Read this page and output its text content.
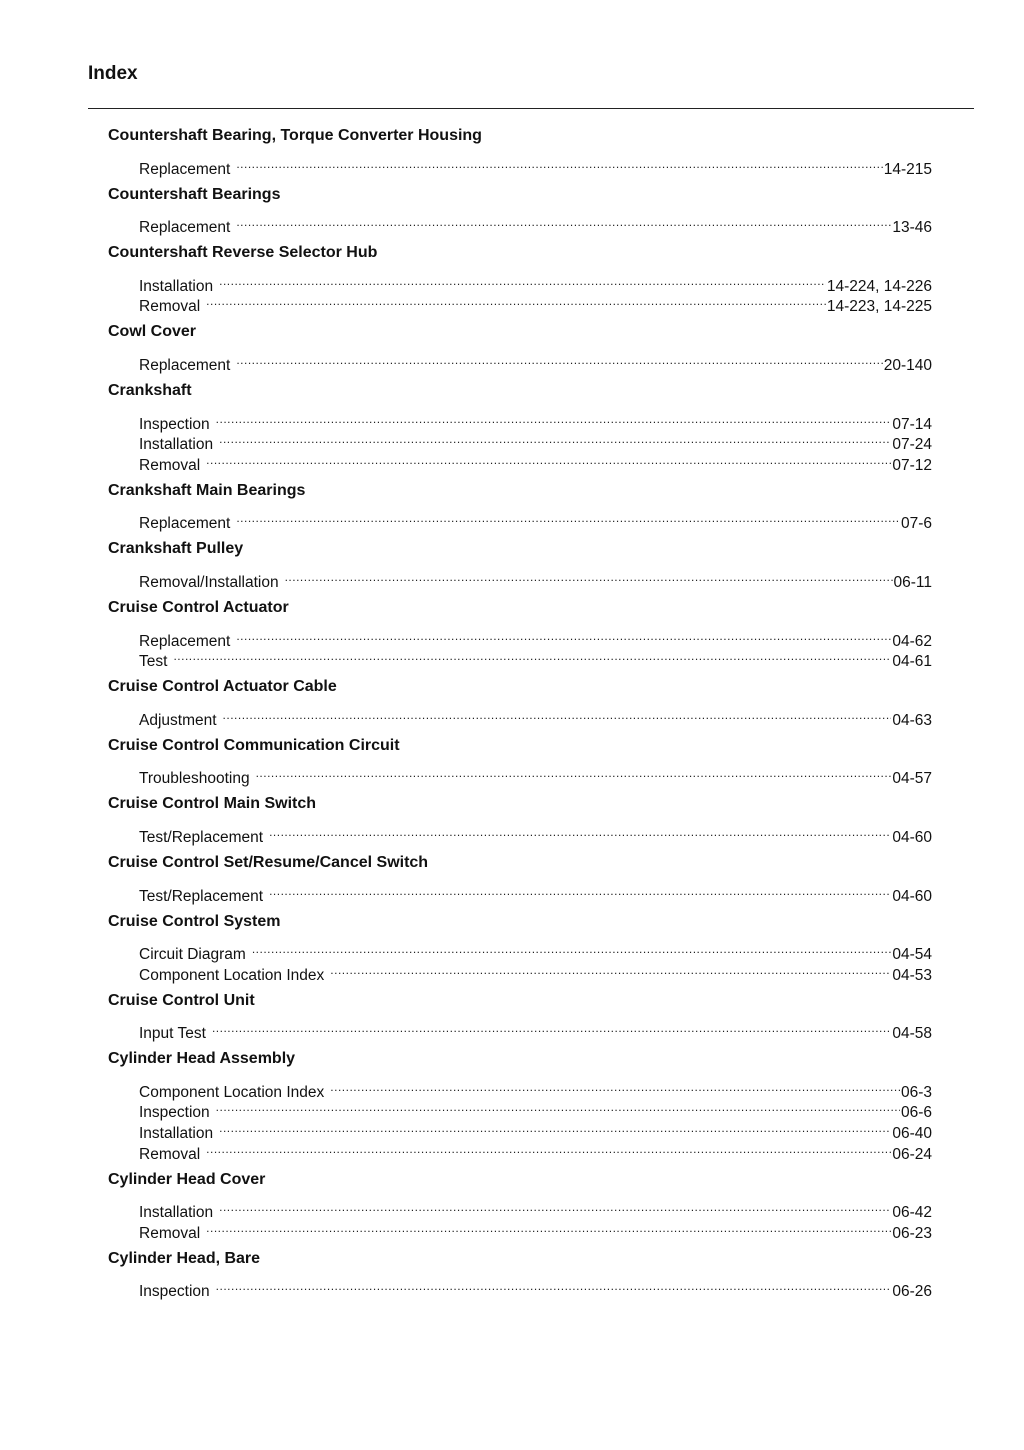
Index
Countershaft Bearing, Torque Converter Housing
Replacement .....	14-215
Countershaft Bearings
Replacement .....	13-46
Countershaft Reverse Selector Hub
Installation .....	14-224, 14-226
Removal .....	14-223, 14-225
Cowl Cover
Replacement .....	20-140
Crankshaft
Inspection .....	07-14
Installation .....	07-24
Removal .....	07-12
Crankshaft Main Bearings
Replacement .....	07-6
Crankshaft Pulley
Removal/Installation .....	06-11
Cruise Control Actuator
Replacement .....	04-62
Test .....	04-61
Cruise Control Actuator Cable
Adjustment .....	04-63
Cruise Control Communication Circuit
Troubleshooting .....	04-57
Cruise Control Main Switch
Test/Replacement .....	04-60
Cruise Control Set/Resume/Cancel Switch
Test/Replacement .....	04-60
Cruise Control System
Circuit Diagram .....	04-54
Component Location Index .....	04-53
Cruise Control Unit
Input Test .....	04-58
Cylinder Head Assembly
Component Location Index .....	06-3
Inspection .....	06-6
Installation .....	06-40
Removal .....	06-24
Cylinder Head Cover
Installation .....	06-42
Removal .....	06-23
Cylinder Head, Bare
Inspection .....	06-26
